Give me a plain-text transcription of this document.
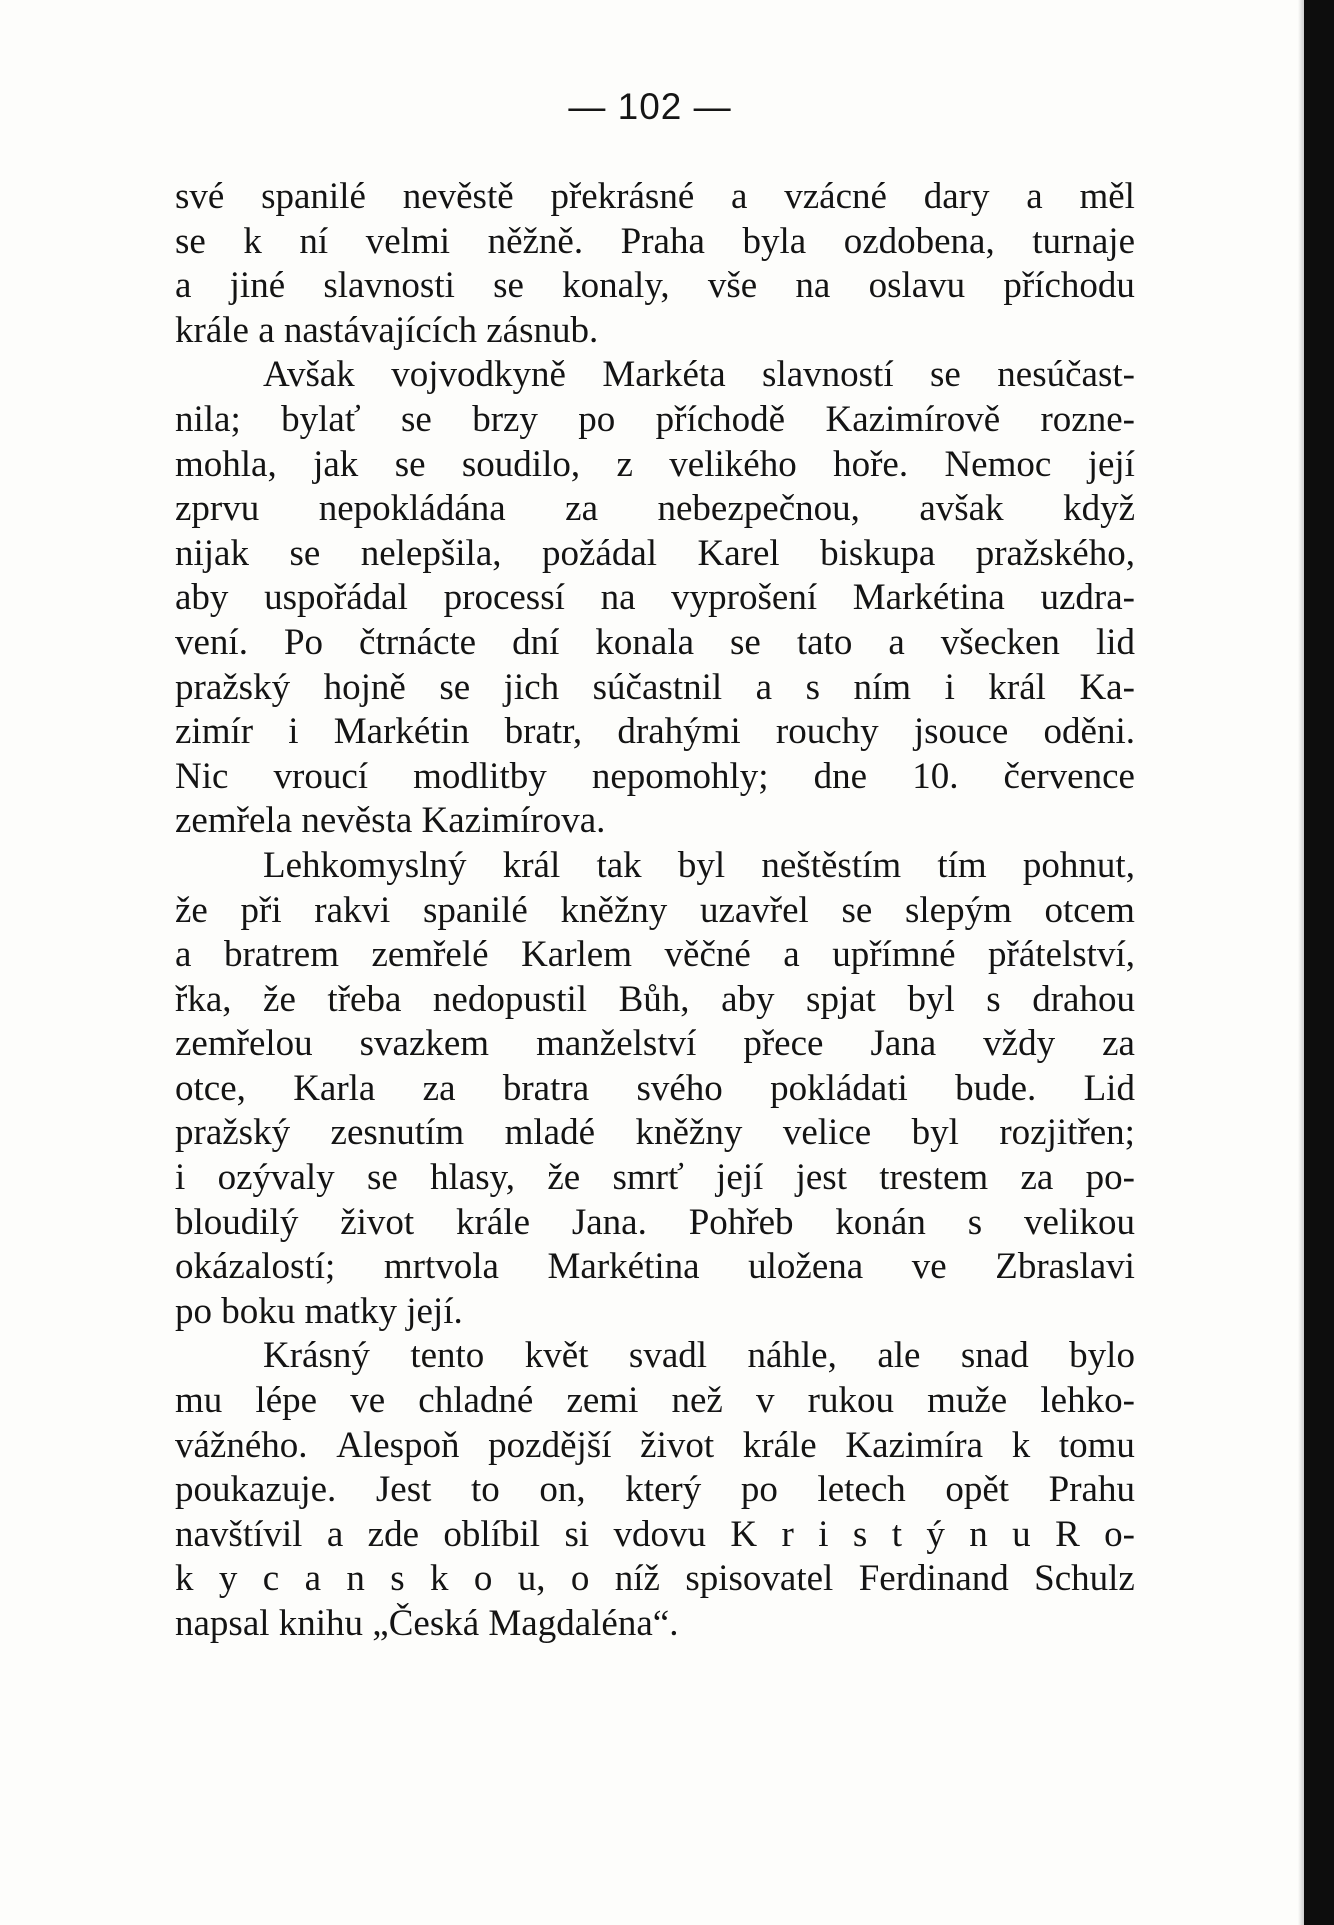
— 102 —
své spanilé nevěstě překrásné a vzácné dary a měl
se k ní velmi něžně. Praha byla ozdobena, turnaje
a jiné slavnosti se konaly, vše na oslavu příchodu
krále a nastávajících zásnub.
Avšak vojvodkyně Markéta slavností se nesúčast-
nila; bylať se brzy po příchodě Kazimírově rozne-
mohla, jak se soudilo, z velikého hoře. Nemoc její
zprvu nepokládána za nebezpečnou, avšak když
nijak se nelepšila, požádal Karel biskupa pražského,
aby uspořádal processí na vyprošení Markétina uzdra-
vení. Po čtrnácte dní konala se tato a všecken lid
pražský hojně se jich súčastnil a s ním i král Ka-
zimír i Markétin bratr, drahými rouchy jsouce oděni.
Nic vroucí modlitby nepomohly; dne 10. července
zemřela nevěsta Kazimírova.
Lehkomyslný král tak byl neštěstím tím pohnut,
že při rakvi spanilé kněžny uzavřel se slepým otcem
a bratrem zemřelé Karlem věčné a upřímné přátelství,
řka, že třeba nedopustil Bůh, aby spjat byl s drahou
zemřelou svazkem manželství přece Jana vždy za
otce, Karla za bratra svého pokládati bude. Lid
pražský zesnutím mladé kněžny velice byl rozjitřen;
i ozývaly se hlasy, že smrť její jest trestem za po-
bloudilý život krále Jana. Pohřeb konán s velikou
okázalostí; mrtvola Markétina uložena ve Zbraslavi
po boku matky její.
Krásný tento květ svadl náhle, ale snad bylo
mu lépe ve chladné zemi než v rukou muže lehko-
vážného. Alespoň pozdější život krále Kazimíra k tomu
poukazuje. Jest to on, který po letech opět Prahu
navštívil a zde oblíbil si vdovu K r i s t ý n u R o-
k y c a n s k o u, o níž spisovatel Ferdinand Schulz
napsal knihu „Česká Magdaléna“.
